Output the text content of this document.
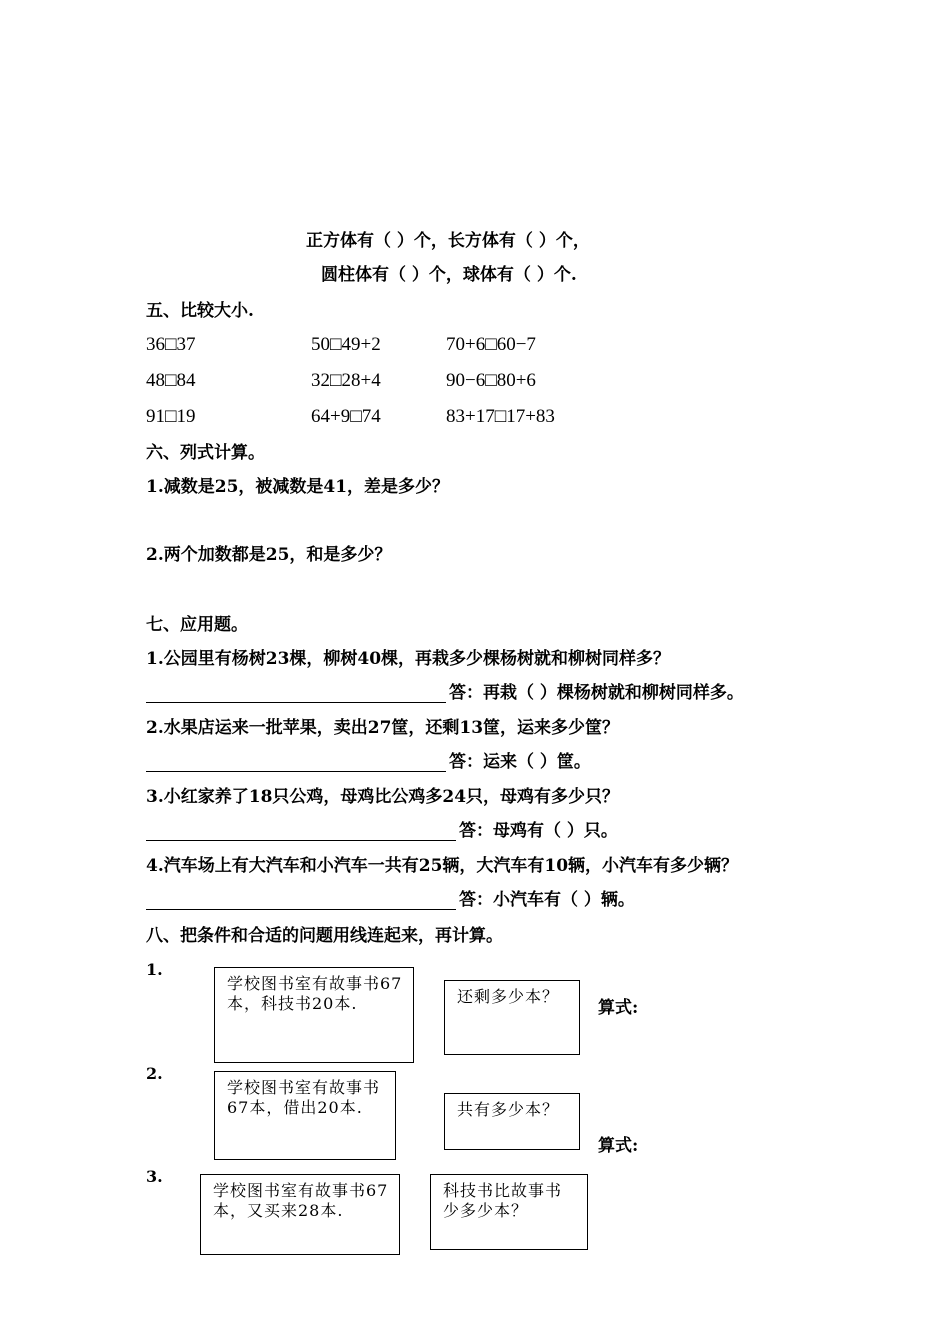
正方体有（ ）个，长方体有（ ）个，
圆柱体有（ ）个，球体有（ ）个.
五、比较大小.
36□37	50□49+2	70+6□60−7
48□84	32□28+4	90−6□80+6
91□19	64+9□74	83+17□17+83
六、列式计算。
1.减数是25，被减数是41，差是多少？
2.两个加数都是25，和是多少？
七、应用题。
1.公园里有杨树23棵，柳树40棵，再栽多少棵杨树就和柳树同样多？
答：再栽（ ）棵杨树就和柳树同样多。
2.水果店运来一批苹果，卖出27筐，还剩13筐，运来多少筐？
答：运来（ ）筐。
3.小红家养了18只公鸡，母鸡比公鸡多24只，母鸡有多少只？
答：母鸡有（ ）只。
4.汽车场上有大汽车和小汽车一共有25辆，大汽车有10辆，小汽车有多少辆？
答：小汽车有（ ）辆。
八、把条件和合适的问题用线连起来，再计算。
1.
学校图书室有故事书67本，科技书20本.	还剩多少本？
算式:
2.
学校图书室有故事书67本，借出20本.	共有多少本？
算式:
3.
学校图书室有故事书67本，又买来28本.
科技书比故事书少多少本？
